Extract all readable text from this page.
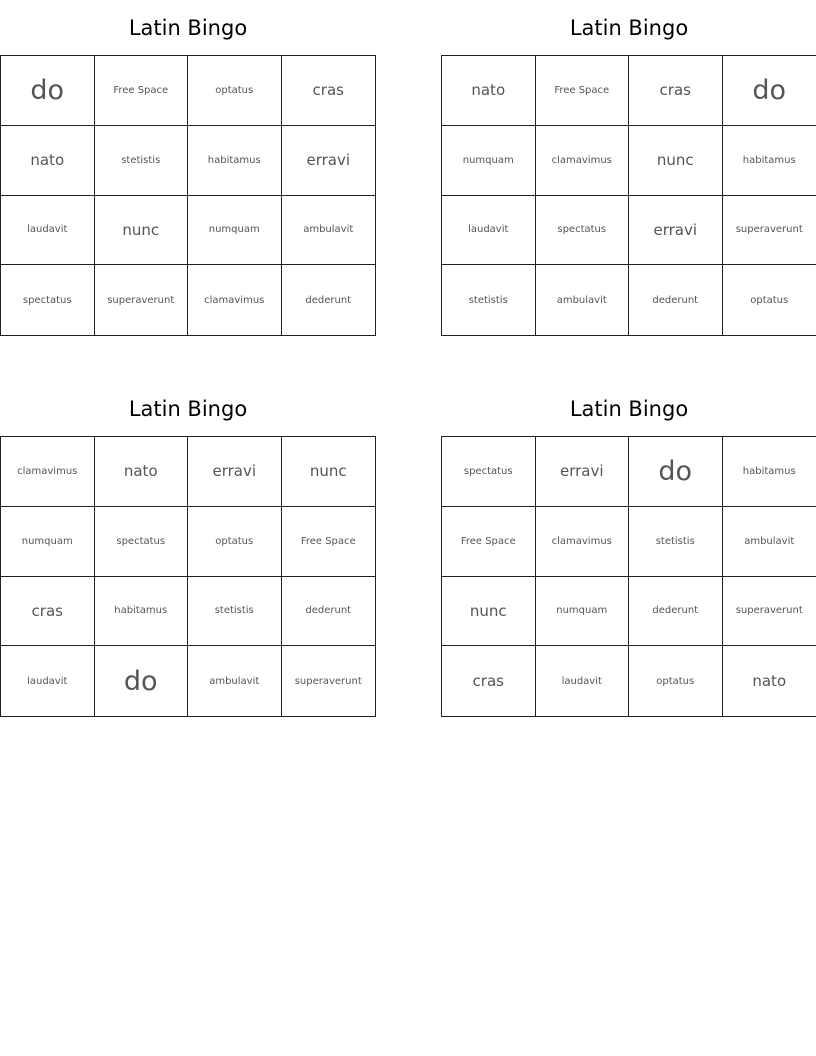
Latin Bingo
do	Free Space	optatus	cras
nato	stetistis	habitamus	erravi
laudavit	nunc	numquam	ambulavit
spectatus	superaverunt	clamavimus	dederunt
Latin Bingo
nato	Free Space	cras	do
numquam	clamavimus	nunc	habitamus
laudavit	spectatus	erravi	superaverunt
stetistis	ambulavit	dederunt	optatus
Latin Bingo
clamavimus	nato	erravi	nunc
numquam	spectatus	optatus	Free Space
cras	habitamus	stetistis	dederunt
laudavit	do	ambulavit	superaverunt
Latin Bingo
spectatus	erravi	do	habitamus
Free Space	clamavimus	stetistis	ambulavit
nunc	numquam	dederunt	superaverunt
cras	laudavit	optatus	nato
